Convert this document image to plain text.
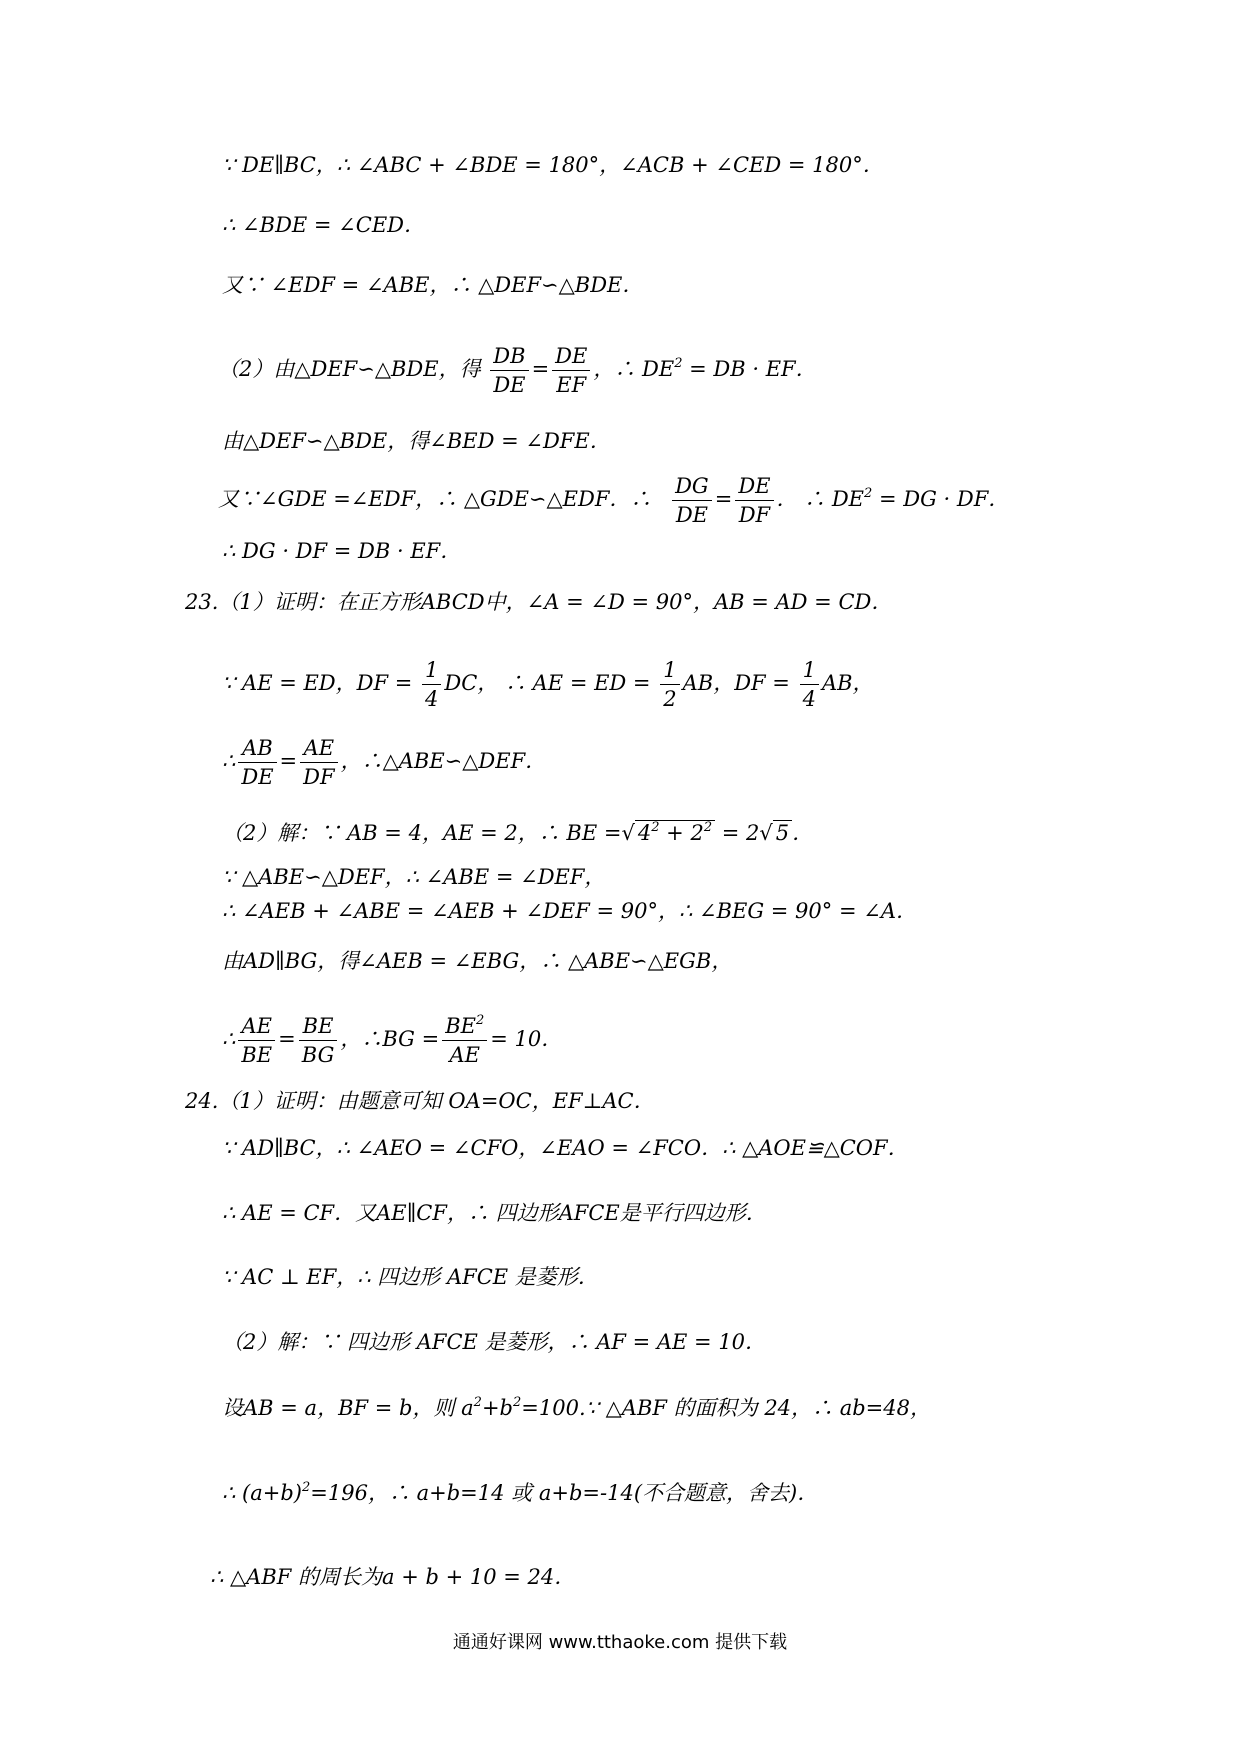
∵ DE∥BC，∴ ∠ABC + ∠BDE = 180°，∠ACB + ∠CED = 180°．
∴ ∠BDE = ∠CED．
又∵ ∠EDF = ∠ABE，∴ △DEF∽△BDE．
（2）由△DEF∽△BDE，得 $\frac{DB}{DE} = \frac{DE}{EF}$ ，∴ $DE^2$ = DB · EF．
由△DEF∽△BDE，得∠BED = ∠DFE．
又∵∠GDE =∠EDF，∴ △GDE∽△EDF．∴ $\frac{DG}{DE} = \frac{DE}{DF}$ ． ∴ $DE^2$ = DG · DF．
∴ DG · DF = DB · EF．
23.（1）证明：在正方形ABCD中，∠A = ∠D = 90°，AB = AD = CD．
∵ AE = ED，DF = $\frac{1}{4}$ DC， ∴ AE = ED = $\frac{1}{2}$ AB，DF = $\frac{1}{4}$ AB，
∴ $\frac{AB}{DE} = \frac{AE}{DF}$ ，∴△ABE∽△DEF．
（2）解：∵ AB = 4，AE = 2，∴ BE =√ $4^2 + 2^2 = 2√$ 5 ．
∵ △ABE∽△DEF，∴ ∠ABE = ∠DEF，
∴ ∠AEB + ∠ABE = ∠AEB + ∠DEF = 90°，∴ ∠BEG = 90° = ∠A．
由AD∥BG，得∠AEB = ∠EBG，∴ △ABE∽△EGB，
∴ $\frac{AE}{BE} = \frac{BE}{BG}$ ，∴BG = $\frac{BE^2}{AE} = 10$．
24.（1）证明：由题意可知 OA=OC，EF⊥AC．
∵ AD∥BC，∴ ∠AEO = ∠CFO，∠EAO = ∠FCO．∴ △AOE≌△COF．
∴ AE = CF．又AE∥CF，∴ 四边形AFCE是平行四边形．
∵ AC ⊥ EF，∴ 四边形 AFCE 是菱形．
（2）解：∵ 四边形 AFCE 是菱形，∴ AF = AE = 10．
设AB = a，BF = b，则 $a^2+b^2=100.\because$ △ABF 的面积为 24，∴ ab=48，
∴ $(a+b)^2=196$，∴ a+b=14 或 a+b=-14(不合题意，舍去)．
∴ △ABF 的周长为a + b + 10 = 24．
通通好课网 www.tthaoke.com 提供下载
